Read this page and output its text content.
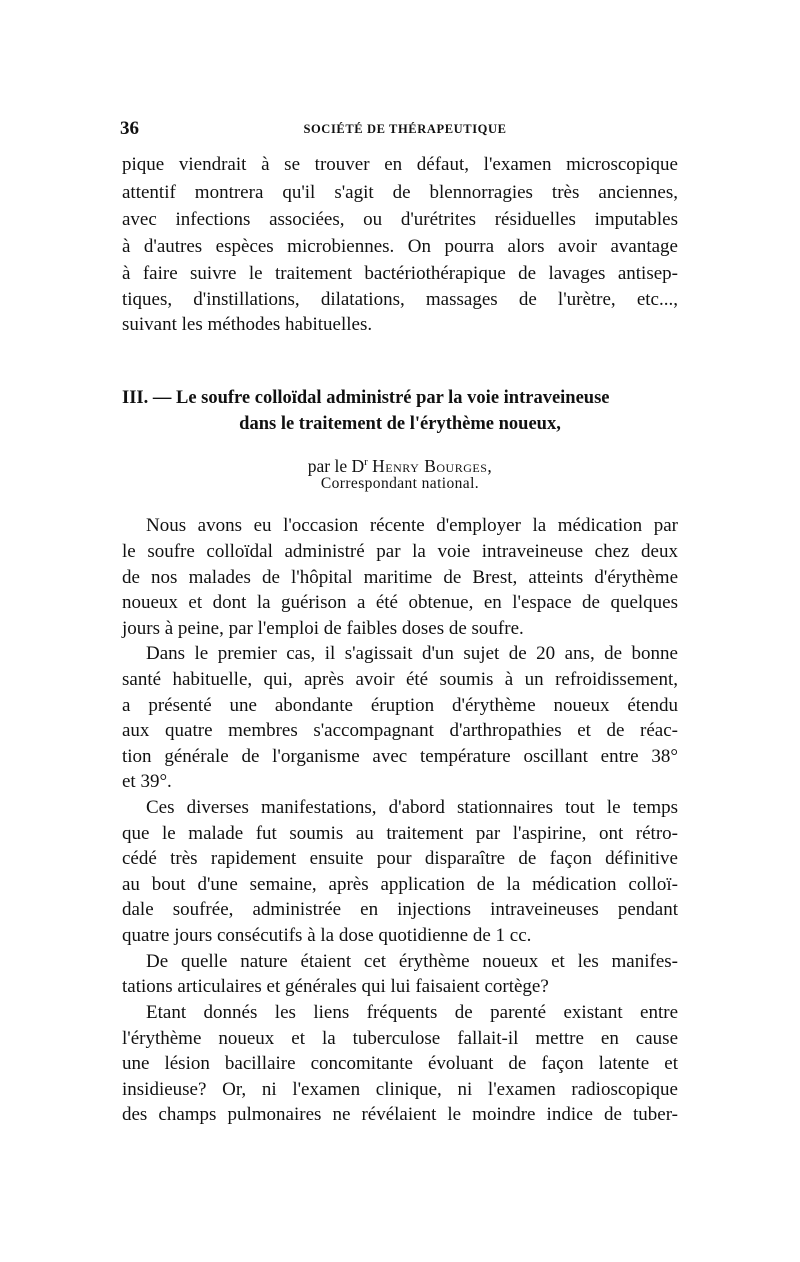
36	SOCIÉTÉ DE THÉRAPEUTIQUE
pique viendrait à se trouver en défaut, l'examen microscopique
attentif montrera qu'il s'agit de blennorragies très anciennes,
avec infections associées, ou d'urétrites résiduelles imputables
à d'autres espèces microbiennes. On pourra alors avoir avantage
à faire suivre le traitement bactériothérapique de lavages antisep-
tiques, d'instillations, dilatations, massages de l'urètre, etc...,
suivant les méthodes habituelles.
III. — Le soufre colloïdal administré par la voie intraveineuse
dans le traitement de l'érythème noueux,
par le $D^r$ Henry Bourges,
Correspondant national.
Nous avons eu l'occasion récente d'employer la médication par
le soufre colloïdal administré par la voie intraveineuse chez deux
de nos malades de l'hôpital maritime de Brest, atteints d'érythème
noueux et dont la guérison a été obtenue, en l'espace de quelques
jours à peine, par l'emploi de faibles doses de soufre.
Dans le premier cas, il s'agissait d'un sujet de 20 ans, de bonne
santé habituelle, qui, après avoir été soumis à un refroidissement,
a présenté une abondante éruption d'érythème noueux étendu
aux quatre membres s'accompagnant d'arthropathies et de réac-
tion générale de l'organisme avec température oscillant entre 38°
et 39°.
Ces diverses manifestations, d'abord stationnaires tout le temps
que le malade fut soumis au traitement par l'aspirine, ont rétro-
cédé très rapidement ensuite pour disparaître de façon définitive
au bout d'une semaine, après application de la médication colloï-
dale soufrée, administrée en injections intraveineuses pendant
quatre jours consécutifs à la dose quotidienne de 1 cc.
De quelle nature étaient cet érythème noueux et les manifes-
tations articulaires et générales qui lui faisaient cortège?
Etant donnés les liens fréquents de parenté existant entre
l'érythème noueux et la tuberculose fallait-il mettre en cause
une lésion bacillaire concomitante évoluant de façon latente et
insidieuse? Or, ni l'examen clinique, ni l'examen radioscopique
des champs pulmonaires ne révélaient le moindre indice de tuber-
